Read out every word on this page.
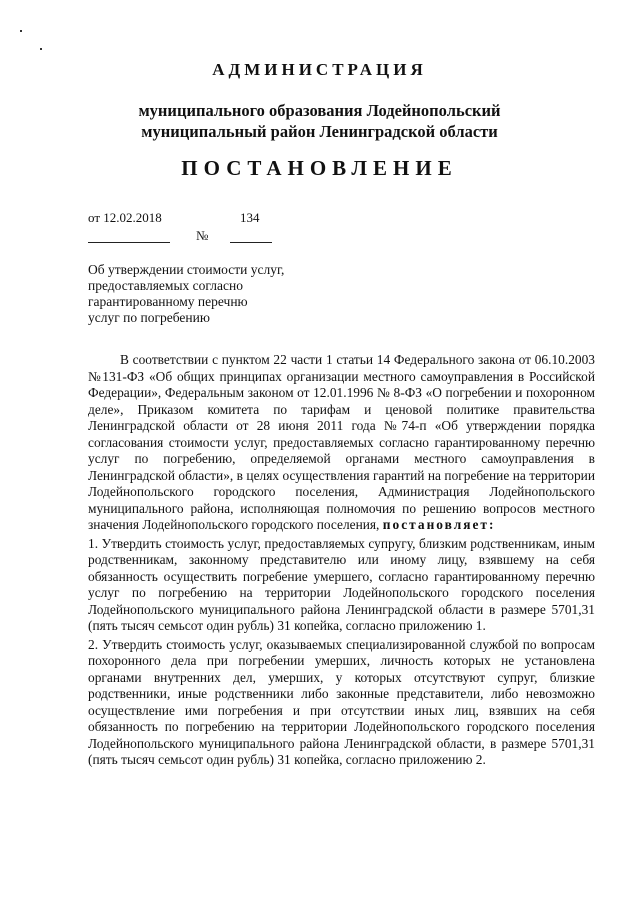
АДМИНИСТРАЦИЯ
муниципального образования Лодейнопольский
муниципальный район Ленинградской области
ПОСТАНОВЛЕНИЕ
от 12.02.2018
№
134
Об утверждении стоимости услуг,
предоставляемых согласно
гарантированному перечню
услуг по погребению

В соответствии с пунктом 22 части 1 статьи 14 Федерального закона от 06.10.2003 №131-ФЗ «Об общих принципах организации местного самоуправления в Российской Федерации», Федеральным законом от 12.01.1996 № 8-ФЗ «О погребении и похоронном деле», Приказом комитета по тарифам и ценовой политике правительства Ленинградской области от 28 июня 2011 года №74-п «Об утверждении порядка согласования стоимости услуг, предоставляемых согласно гарантированному перечню услуг по погребению, определяемой органами местного самоуправления в Ленинградской области», в целях осуществления гарантий на погребение на территории Лодейнопольского городского поселения, Администрация Лодейнопольского муниципального района, исполняющая полномочия по решению вопросов местного значения Лодейнопольского городского поселения, постановляет:

1. Утвердить стоимость услуг, предоставляемых супругу, близким родственникам, иным родственникам, законному представителю или иному лицу, взявшему на себя обязанность осуществить погребение умершего, согласно гарантированному перечню услуг по погребению на территории Лодейнопольского городского поселения Лодейнопольского муниципального района Ленинградской области в размере 5701,31 (пять тысяч семьсот один рубль) 31 копейка, согласно приложению 1.

2. Утвердить стоимость услуг, оказываемых специализированной службой по вопросам похоронного дела при погребении умерших, личность которых не установлена органами внутренних дел, умерших, у которых отсутствуют супруг, близкие родственники, иные родственники либо законные представители, либо невозможно осуществление ими погребения и при отсутствии иных лиц, взявших на себя обязанность по погребению на территории Лодейнопольского городского поселения Лодейнопольского муниципального района Ленинградской области, в размере 5701,31 (пять тысяч семьсот один рубль) 31 копейка, согласно приложению 2.
